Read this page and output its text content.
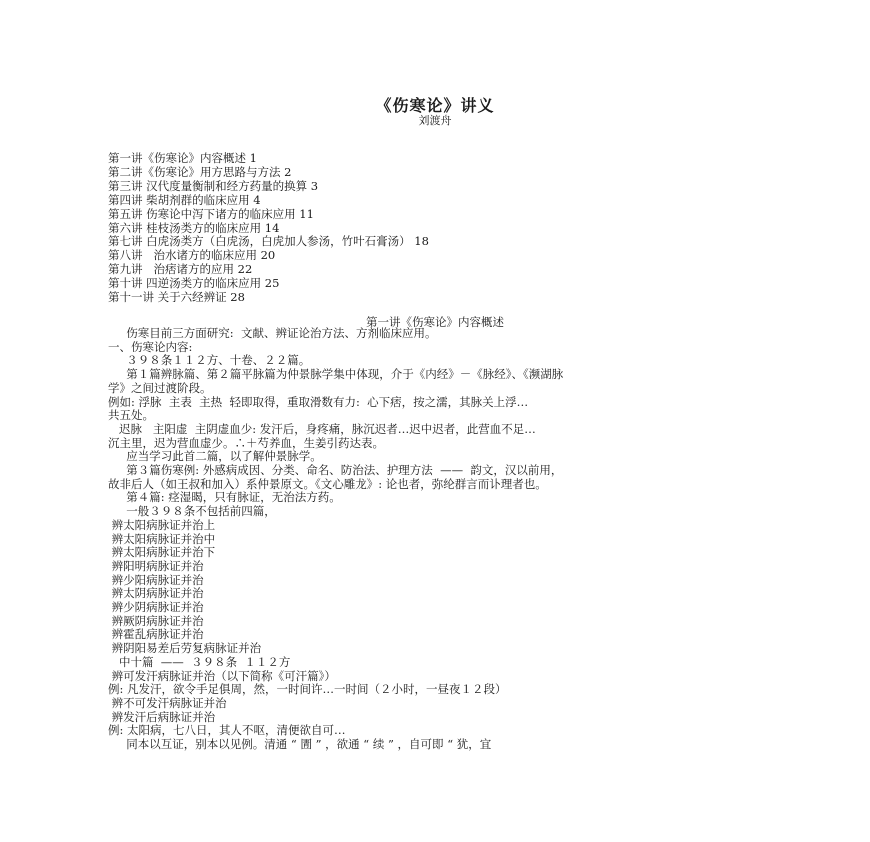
《伤寒论》讲义
刘渡舟
第一讲《伤寒论》内容概述 1
第二讲《伤寒论》用方思路与方法 2
第三讲 汉代度量衡制和经方药量的换算 3
第四讲 柴胡剂群的临床应用 4
第五讲 伤寒论中泻下诸方的临床应用 11
第六讲 桂枝汤类方的临床应用 14
第七讲 白虎汤类方（白虎汤，白虎加人参汤，竹叶石膏汤） 18
第八讲   治水诸方的临床应用 20
第九讲   治痞诸方的应用 22
第十讲 四逆汤类方的临床应用 25
第十一讲 关于六经辨证 28
第一讲《伤寒论》内容概述
伤寒目前三方面研究:  文献、辨证论治方法、方剂临床应用。
一、伤寒论内容:
３９８条１１２方、十卷、２２篇。
第１篇辨脉篇、第２篇平脉篇为仲景脉学集中体现，介于《内经》－《脉经》、《濒湖脉
学》之间过渡阶段。
例如: 浮脉  主表  主热  轻即取得，重取滑数有力:  心下痞，按之濡，其脉关上浮…
共五处。
迟脉   主阳虚  主阴虚血少: 发汗后，身疼痛，脉沉迟者…迟中迟者，此营血不足…
沉主里，迟为营血虚少。∴＋芍养血，生姜引药达表。
应当学习此首二篇，以了解仲景脉学。
第３篇伤寒例: 外感病成因、分类、命名、防治法、护理方法  ——  韵文，汉以前用，
故非后人（如王叔和加入）系仲景原文。《文心雕龙》: 论也者，弥纶群言而讣理者也。
第４篇: 痉湿暍，只有脉证，无治法方药。
一般３９８条不包括前四篇，
辨太阳病脉证并治上
辨太阳病脉证并治中
辨太阳病脉证并治下
辨阳明病脉证并治
辨少阳病脉证并治
辨太阴病脉证并治
辨少阴病脉证并治
辨厥阴病脉证并治
辨霍乱病脉证并治
辨阴阳易差后劳复病脉证并治
中十篇  ——  ３９８条  １１２方
辨可发汗病脉证并治（以下简称《可汗篇》）
例: 凡发汗，欲令手足俱周，然，一时间许…一时间（２小时，一昼夜１２段）
辨不可发汗病脉证并治
辨发汗后病脉证并治
例: 太阳病，七八日，其人不呕，清便欲自可…
同本以互证，别本以见例。清通 “ 圊 ” ，欲通 “ 续 ” ，自可即 “ 犹，宜
